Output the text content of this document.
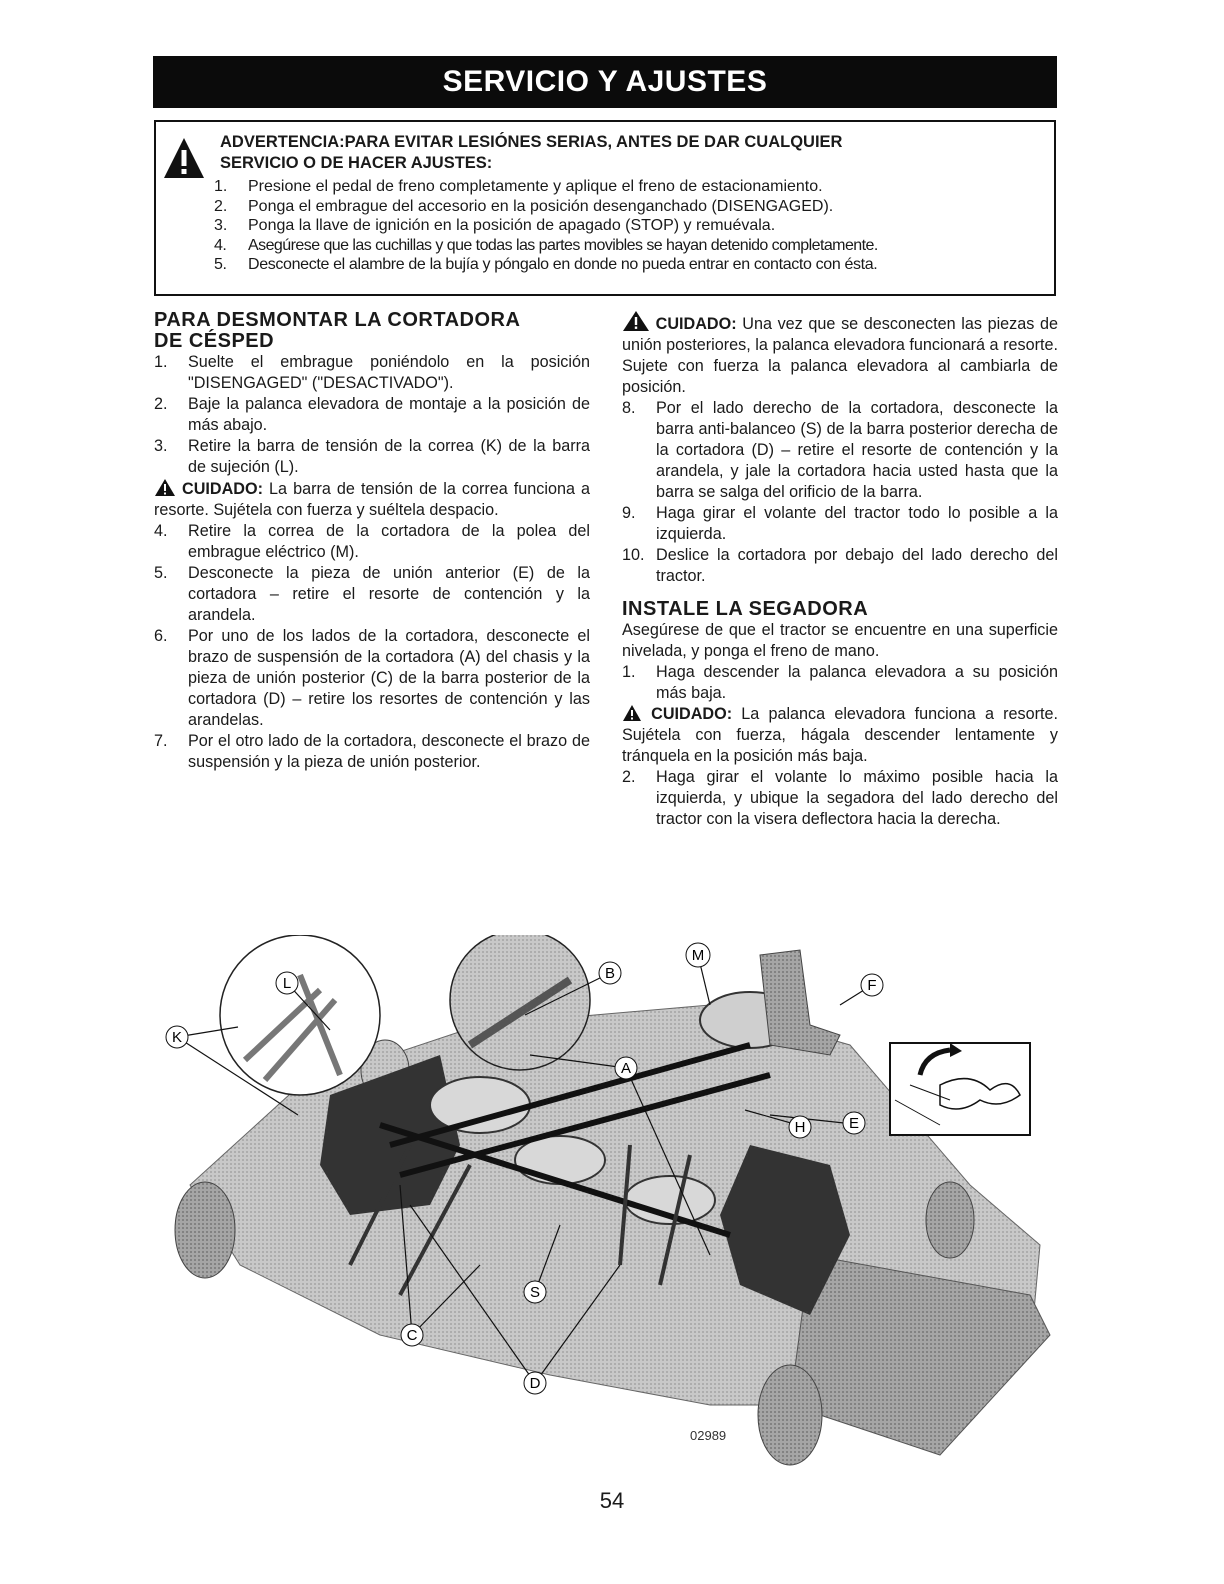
SERVICIO Y AJUSTES
ADVERTENCIA:PARA EVITAR LESIÓNES SERIAS, ANTES DE DAR CUALQUIER
SERVICIO O DE HACER AJUSTES:
1. Presione el pedal de freno completamente y aplique el freno de estacionamiento.
2. Ponga el embrague del accesorio en la posición desenganchado (DISENGAGED).
3. Ponga la llave de ignición en la posición de apagado (STOP) y remuévala.
4. Asegúrese que las cuchillas y que todas las partes movibles se hayan detenido completamente.
5. Desconecte el alambre de la bujía y póngalo en donde no pueda entrar en contacto con ésta.
PARA DESMONTAR LA CORTADORA
DE CÉSPED
1. Suelte el embrague poniéndolo en la posición "DISENGAGED" ("DESACTIVADO").
2. Baje la palanca elevadora de montaje a la posición de más abajo.
3. Retire la barra de tensión de la correa (K) de la barra de sujeción (L).

CUIDADO: La barra de tensión de la correa funciona a resorte. Sujétela con fuerza y suéltela despacio.

4. Retire la correa de la cortadora de la polea del embrague eléctrico (M).
5. Desconecte la pieza de unión anterior (E) de la cortadora – retire el resorte de contención y la arandela.
6. Por uno de los lados de la cortadora, desconecte el brazo de suspensión de la cortadora (A) del chasis y la pieza de unión posterior (C) de la barra posterior de la cortadora (D) – retire los resortes de contención y las arandelas.
7. Por el otro lado de la cortadora, desconecte el brazo de suspensión y la pieza de unión posterior.

CUIDADO: Una vez que se desconecten las piezas de unión posteriores, la palanca elevadora funcionará a resorte. Sujete con fuerza la palanca elevadora al cambiarla de posición.

8. Por el lado derecho de la cortadora, desconecte la barra anti-balanceo (S) de la barra posterior derecha de la cortadora (D) – retire el resorte de contención y la arandela, y jale la cortadora hacia usted hasta que la barra se salga del orificio de la barra.
9. Haga girar el volante del tractor todo lo posible a la izquierda.
10. Deslice la cortadora por debajo del lado derecho del tractor.
INSTALE LA SEGADORA

Asegúrese de que el tractor se encuentre en una superficie nivelada, y ponga el freno de mano.

1. Haga descender la palanca elevadora a su posición más baja.

CUIDADO: La palanca elevadora funciona a resorte. Sujétela con fuerza, hágala descender lentamente y tránquela en la posición más baja.

2. Haga girar el volante lo máximo posible hacia la izquierda, y ubique la segadora del lado derecho del tractor con la visera deflectora hacia la derecha.
K
L
B
M
F
A
E
H
S
C
D
02989
54
